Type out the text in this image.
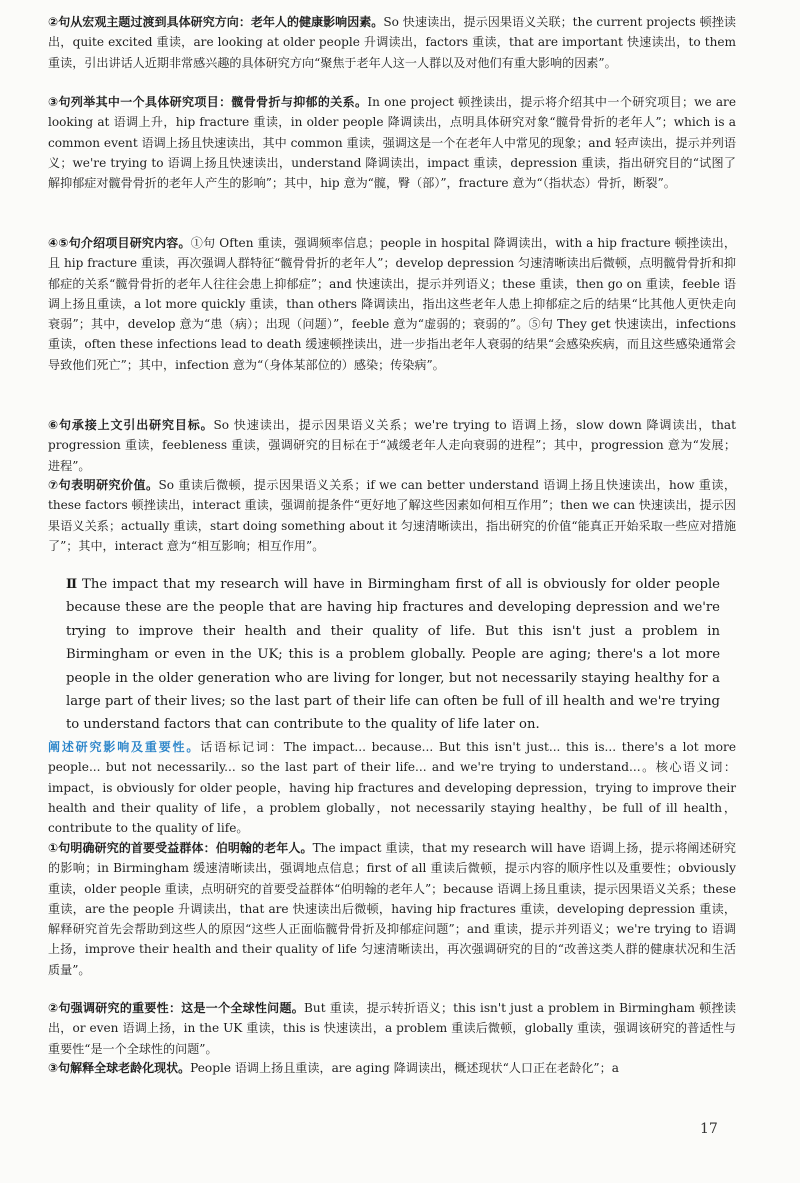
②句从宏观主题过渡到具体研究方向：老年人的健康影响因素。So 快速读出，提示因果语义关联；the current projects 顿挫读出，quite excited 重读，are looking at older people 升调读出，factors 重读，that are important 快速读出，to them 重读，引出讲话人近期非常感兴趣的具体研究方向“聚焦于老年人这一人群以及对他们有重大影响的因素”。

③句列举其中一个具体研究项目：髋骨骨折与抑郁的关系。In one project 顿挫读出，提示将介绍其中一个研究项目；we are looking at 语调上升，hip fracture 重读，in older people 降调读出，点明具体研究对象“髋骨骨折的老年人”；which is a common event 语调上扬且快速读出，其中 common 重读，强调这是一个在老年人中常见的现象；and 轻声读出，提示并列语义；we're trying to 语调上扬且快速读出，understand 降调读出，impact 重读，depression 重读，指出研究目的“试图了解抑郁症对髋骨骨折的老年人产生的影响”；其中，hip 意为“髋，臀（部）”，fracture 意为“（指状态）骨折，断裂”。

④⑤句介绍项目研究内容。①句 Often 重读，强调频率信息；people in hospital 降调读出，with a hip fracture 顿挫读出，且 hip fracture 重读，再次强调人群特征“髋骨骨折的老年人”；develop depression 匀速清晰读出后微顿，点明髋骨骨折和抑郁症的关系“髋骨骨折的老年人往往会患上抑郁症”；and 快速读出，提示并列语义；these 重读，then go on 重读，feeble 语调上扬且重读，a lot more quickly 重读，than others 降调读出，指出这些老年人患上抑郁症之后的结果“比其他人更快走向衰弱”；其中，develop 意为“患（病）；出现（问题）”，feeble 意为“虚弱的；衰弱的”。⑤句 They get 快速读出，infections 重读，often these infections lead to death 缓速顿挫读出，进一步指出老年人衰弱的结果“会感染疾病，而且这些感染通常会导致他们死亡”；其中，infection 意为“（身体某部位的）感染；传染病”。

⑥句承接上文引出研究目标。So 快速读出，提示因果语义关系；we're trying to 语调上扬，slow down 降调读出，that progression 重读，feebleness 重读，强调研究的目标在于“减缓老年人走向衰弱的进程”；其中，progression 意为“发展；进程”。

⑦句表明研究价值。So 重读后微顿，提示因果语义关系；if we can better understand 语调上扬且快速读出，how 重读，these factors 顿挫读出，interact 重读，强调前提条件“更好地了解这些因素如何相互作用”；then we can 快速读出，提示因果语义关系；actually 重读，start doing something about it 匀速清晰读出，指出研究的价值“能真正开始采取一些应对措施了”；其中，interact 意为“相互影响；相互作用”。

Ⅱ The impact that my research will have in Birmingham first of all is obviously for older people because these are the people that are having hip fractures and developing depression and we're trying to improve their health and their quality of life. But this isn't just a problem in Birmingham or even in the UK; this is a problem globally. People are aging; there's a lot more people in the older generation who are living for longer, but not necessarily staying healthy for a large part of their lives; so the last part of their life can often be full of ill health and we're trying to understand factors that can contribute to the quality of life later on.

阐述研究影响及重要性。话语标记词：The impact... because... But this isn't just... this is... there's a lot more people... but not necessarily... so the last part of their life... and we're trying to understand...。核心语义词：impact，is obviously for older people，having hip fractures and developing depression，trying to improve their health and their quality of life，a problem globally，not necessarily staying healthy，be full of ill health，contribute to the quality of life。

①句明确研究的首要受益群体：伯明翰的老年人。The impact 重读，that my research will have 语调上扬，提示将阐述研究的影响；in Birmingham 缓速清晰读出，强调地点信息；first of all 重读后微顿，提示内容的顺序性以及重要性；obviously 重读，older people 重读，点明研究的首要受益群体“伯明翰的老年人”；because 语调上扬且重读，提示因果语义关系；these 重读，are the people 升调读出，that are 快速读出后微顿，having hip fractures 重读，developing depression 重读，解释研究首先会帮助到这些人的原因“这些人正面临髋骨骨折及抑郁症问题”；and 重读，提示并列语义；we're trying to 语调上扬，improve their health and their quality of life 匀速清晰读出，再次强调研究的目的“改善这类人群的健康状况和生活质量”。

②句强调研究的重要性：这是一个全球性问题。But 重读，提示转折语义；this isn't just a problem in Birmingham 顿挫读出，or even 语调上扬，in the UK 重读，this is 快速读出，a problem 重读后微顿，globally 重读，强调该研究的普适性与重要性“是一个全球性的问题”。

③句解释全球老龄化现状。People 语调上扬且重读，are aging 降调读出，概述现状“人口正在老龄化”；a

17
